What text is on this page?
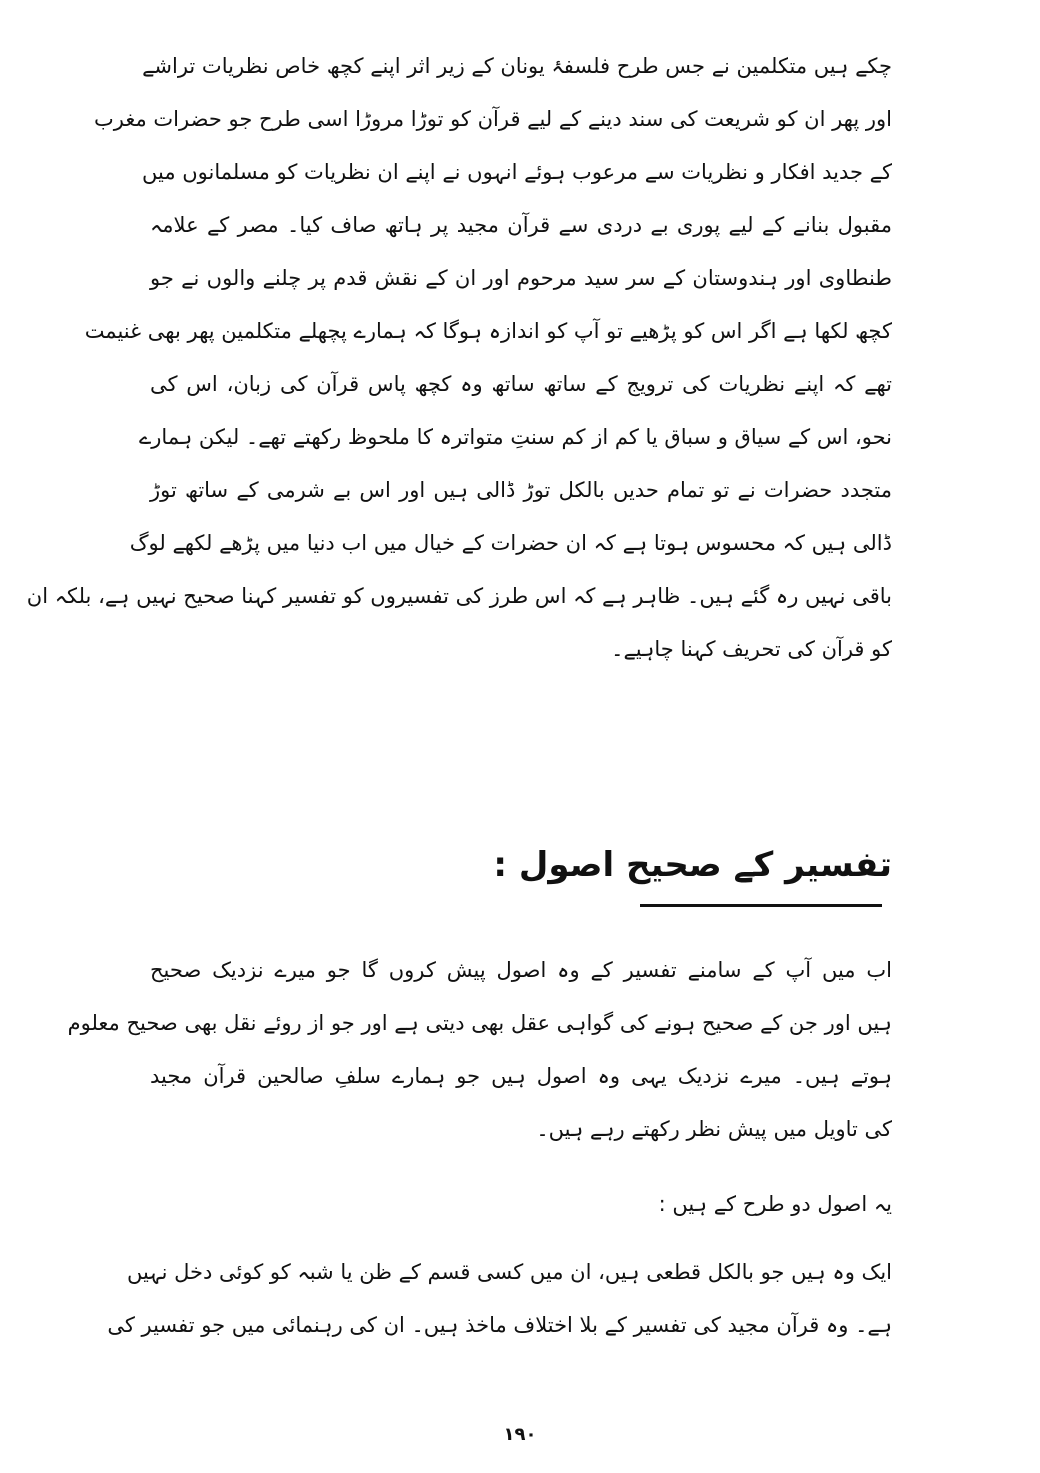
چکے ہیں متکلمین نے جس طرح فلسفۂ یونان کے زیر اثر اپنے کچھ خاص نظریات تراشے
اور پھر ان کو شریعت کی سند دینے کے لیے قرآن کو توڑا مروڑا اسی طرح جو حضرات مغرب
کے جدید افکار و نظریات سے مرعوب ہوئے انہوں نے اپنے ان نظریات کو مسلمانوں میں
مقبول بنانے کے لیے پوری بے دردی سے قرآن مجید پر ہاتھ صاف کیا۔ مصر کے علامہ
طنطاوی اور ہندوستان کے سر سید مرحوم اور ان کے نقش قدم پر چلنے والوں نے جو
کچھ لکھا ہے اگر اس کو پڑھیے تو آپ کو اندازہ ہوگا کہ ہمارے پچھلے متکلمین پھر بھی غنیمت
تھے کہ اپنے نظریات کی ترویج کے ساتھ ساتھ وہ کچھ پاس قرآن کی زبان، اس کی
نحو، اس کے سیاق و سباق یا کم از کم سنتِ متواترہ کا ملحوظ رکھتے تھے۔ لیکن ہمارے
متجدد حضرات نے تو تمام حدیں بالکل توڑ ڈالی ہیں اور اس بے شرمی کے ساتھ توڑ
ڈالی ہیں کہ محسوس ہوتا ہے کہ ان حضرات کے خیال میں اب دنیا میں پڑھے لکھے لوگ
باقی نہیں رہ گئے ہیں۔ ظاہر ہے کہ اس طرز کی تفسیروں کو تفسیر کہنا صحیح نہیں ہے، بلکہ ان
کو قرآن کی تحریف کہنا چاہیے۔
تفسیر کے صحیح اصول :
اب میں آپ کے سامنے تفسیر کے وہ اصول پیش کروں گا جو میرے نزدیک صحیح
ہیں اور جن کے صحیح ہونے کی گواہی عقل بھی دیتی ہے اور جو از روئے نقل بھی صحیح معلوم
ہوتے ہیں۔ میرے نزدیک یہی وہ اصول ہیں جو ہمارے سلفِ صالحین قرآن مجید
کی تاویل میں پیش نظر رکھتے رہے ہیں۔
یہ اصول دو طرح کے ہیں :
ایک وہ ہیں جو بالکل قطعی ہیں، ان میں کسی قسم کے ظن یا شبہ کو کوئی دخل نہیں
ہے۔ وہ قرآن مجید کی تفسیر کے بلا اختلاف ماخذ ہیں۔ ان کی رہنمائی میں جو تفسیر کی
۱۹۰
